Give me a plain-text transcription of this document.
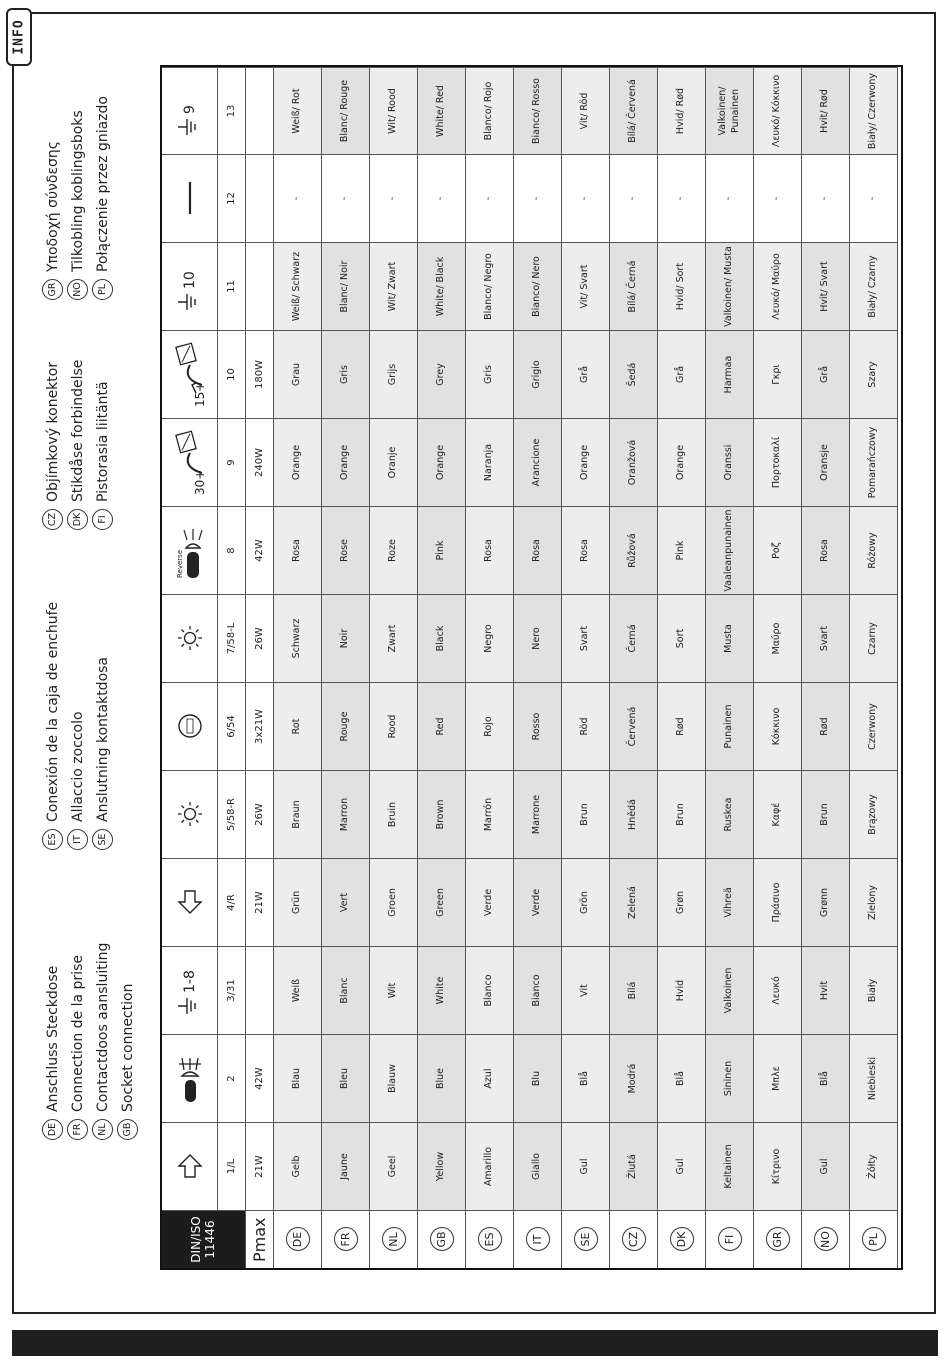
INFO
DE
Anschluss Steckdose
FR
Connection de la prise
NL
Contactdoos aansluiting
GB
Socket connection
ES
Conexión de la caja de enchufe
IT
Allaccio zoccolo
SE
Anslutning kontaktdosa
CZ
Objímkový konektor
DK
Stikdåse forbindelse
FI
Pistorasia liitäntä
GR
Υποδοχή σύνδεσης
NO
Tilkobling koblingsboks
PL
Połączenie przez gniazdo
DIN/ISO 11446
1-8
Reverse
30+
15+
10
9
1/L
2
3/31
4/R
5/58-R
6/54
7/58-L
8
9
10
11
12
13
Pmax
21W
42W
21W
26W
3x21W
26W
42W
240W
180W
DE
Gelb
Blau
Weiß
Grün
Braun
Rot
Schwarz
Rosa
Orange
Grau
Weiß/ Schwarz
-
Weiß/ Rot
FR
Jaune
Bleu
Blanc
Vert
Marron
Rouge
Noir
Rose
Orange
Gris
Blanc/ Noir
-
Blanc/ Rouge
NL
Geel
Blauw
Wit
Groen
Bruin
Rood
Zwart
Roze
Oranje
Grijs
Wit/ Zwart
-
Wit/ Rood
GB
Yellow
Blue
White
Green
Brown
Red
Black
Pink
Orange
Grey
White/ Black
-
White/ Red
ES
Amarillo
Azul
Blanco
Verde
Marrón
Rojo
Negro
Rosa
Naranja
Gris
Blanco/ Negro
-
Blanco/ Rojo
IT
Giallo
Blu
Bianco
Verde
Marrone
Rosso
Nero
Rosa
Arancione
Grigio
Bianco/ Nero
-
Bianco/ Rosso
SE
Gul
Blå
Vit
Grön
Brun
Röd
Svart
Rosa
Orange
Grå
Vit/ Svart
-
Vit/ Röd
CZ
Žlutá
Modrá
Bílá
Zelená
Hnědá
Červená
Černá
Růžová
Oranžová
Šedá
Bílá/ Černá
-
Bílá/ Červená
DK
Gul
Blå
Hvid
Grøn
Brun
Rød
Sort
Pink
Orange
Grå
Hvid/ Sort
-
Hvid/ Rød
FI
Keltainen
Sininen
Valkoinen
Vihreä
Ruskea
Punainen
Musta
Vaaleanpunainen
Oranssi
Harmaa
Valkoinen/ Musta
-
Valkoinen/ Punainen
GR
Κίτρινο
Μπλε
Λευκό
Πράσινο
Καφέ
Κόκκινο
Μαύρο
Ροζ
Πορτοκαλί
Γκρι
Λευκό/ Μαύρο
-
Λευκό/ Κόκκινο
NO
Gul
Blå
Hvit
Grønn
Brun
Rød
Svart
Rosa
Oransje
Grå
Hvit/ Svart
-
Hvit/ Rød
PL
Żółty
Niebieski
Biały
Zielony
Brązowy
Czerwony
Czarny
Różowy
Pomarańczowy
Szary
Biały/ Czarny
-
Biały/ Czerwony
